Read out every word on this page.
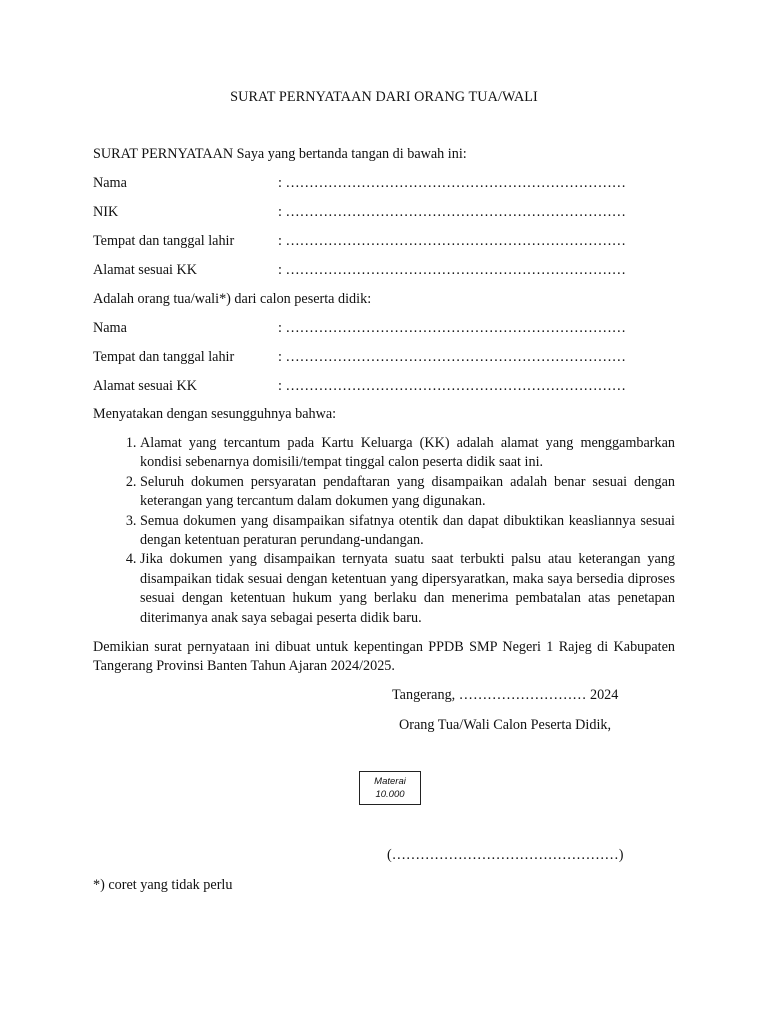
SURAT PERNYATAAN DARI ORANG TUA/WALI
SURAT PERNYATAAN Saya yang bertanda tangan di bawah ini:
Nama	: ………………………………………………………………
NIK	: ………………………………………………………………
Tempat dan tanggal lahir	: ………………………………………………………………
Alamat sesuai KK	: ………………………………………………………………
Adalah orang tua/wali*) dari calon peserta didik:
Nama	: ………………………………………………………………
Tempat dan tanggal lahir	: ………………………………………………………………
Alamat sesuai KK	: ………………………………………………………………
Menyatakan dengan sesungguhnya bahwa:
1. Alamat yang tercantum pada Kartu Keluarga (KK) adalah alamat yang menggambarkan kondisi sebenarnya domisili/tempat tinggal calon peserta didik saat ini.
2. Seluruh dokumen persyaratan pendaftaran yang disampaikan adalah benar sesuai dengan keterangan yang tercantum dalam dokumen yang digunakan.
3. Semua dokumen yang disampaikan sifatnya otentik dan dapat dibuktikan keasliannya sesuai dengan ketentuan peraturan perundang-undangan.
4. Jika dokumen yang disampaikan ternyata suatu saat terbukti palsu atau keterangan yang disampaikan tidak sesuai dengan ketentuan yang dipersyaratkan, maka saya bersedia diproses sesuai dengan ketentuan hukum yang berlaku dan menerima pembatalan atas penetapan diterimanya anak saya sebagai peserta didik baru.
Demikian surat pernyataan ini dibuat untuk kepentingan PPDB SMP Negeri 1 Rajeg di Kabupaten Tangerang Provinsi Banten Tahun Ajaran 2024/2025.
Tangerang, ……………………… 2024
Orang Tua/Wali Calon Peserta Didik,
Materai
10.000
(…………………………………………)
*) coret yang tidak perlu
